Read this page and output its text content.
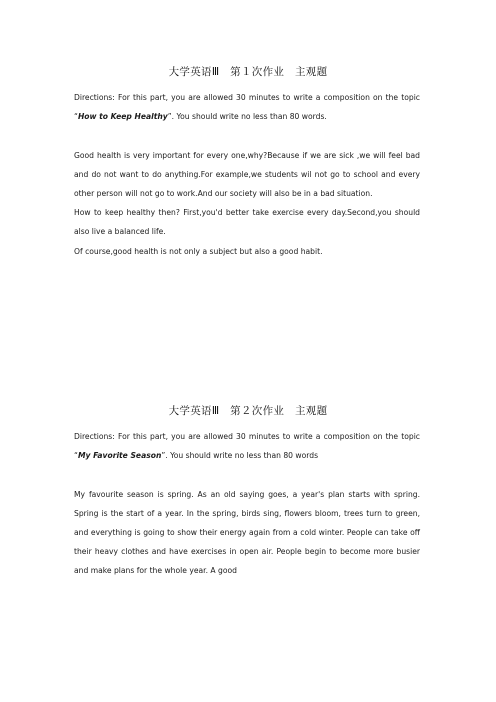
大学英语Ⅲ　第１次作业　主观题

Directions: For this part, you are allowed 30 minutes to write a composition on the topic “How to Keep Healthy”. You should write no less than 80 words.

Good health is very important for every one,why?Because if we are sick ,we will feel bad and do not want to do anything.For example,we students wil not go to school and every other person will not go to work.And our society will also be in a bad situation.

How to keep healthy then? First,you'd better take exercise every day.Second,you should also live a balanced life.

Of course,good health is not only a subject but also a good habit.

大学英语Ⅲ　第２次作业　主观题

Directions: For this part, you are allowed 30 minutes to write a composition on the topic “My Favorite Season”. You should write no less than 80 words

My favourite season is spring. As an old saying goes, a year's plan starts with spring. Spring is the start of a year. In the spring, birds sing, flowers bloom, trees turn to green, and everything is going to show their energy again from a cold winter. People can take off their heavy clothes and have exercises in open air. People begin to become more busier and make plans for the whole year. A good
